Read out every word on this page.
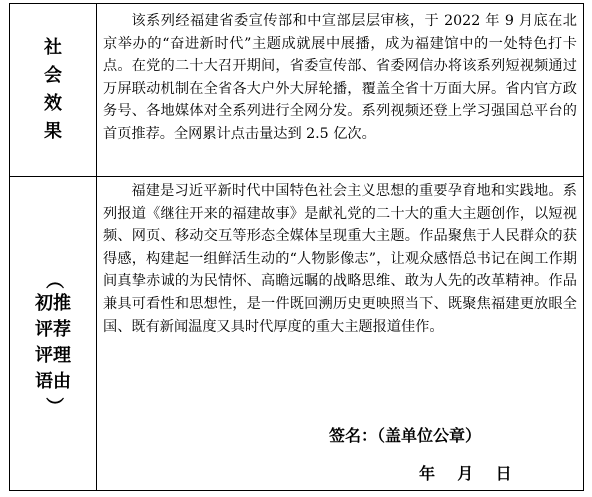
社
会
效
果

该系列经福建省委宣传部和中宣部层层审核，于 2022 年 9 月底在北京举办的“奋进新时代”主题成就展中展播，成为福建馆中的一处特色打卡点。在党的二十大召开期间，省委宣传部、省委网信办将该系列短视频通过万屏联动机制在全省各大户外大屏轮播，覆盖全省十万面大屏。省内官方政务号、各地媒体对全系列进行全网分发。系列视频还登上学习强国总平台的首页推荐。全网累计点击量达到 2.5 亿次。

（
初推
评荐
评理
语由
）

福建是习近平新时代中国特色社会主义思想的重要孕育地和实践地。系列报道《继往开来的福建故事》是献礼党的二十大的重大主题创作，以短视频、网页、移动交互等形态全媒体呈现重大主题。作品聚焦于人民群众的获得感，构建起一组鲜活生动的“人物影像志”，让观众感悟总书记在闽工作期间真挚赤诚的为民情怀、高瞻远瞩的战略思维、敢为人先的改革精神。作品兼具可看性和思想性，是一件既回溯历史更映照当下、既聚焦福建更放眼全国、既有新闻温度又具时代厚度的重大主题报道佳作。

签名：（盖单位公章）
年    月    日
